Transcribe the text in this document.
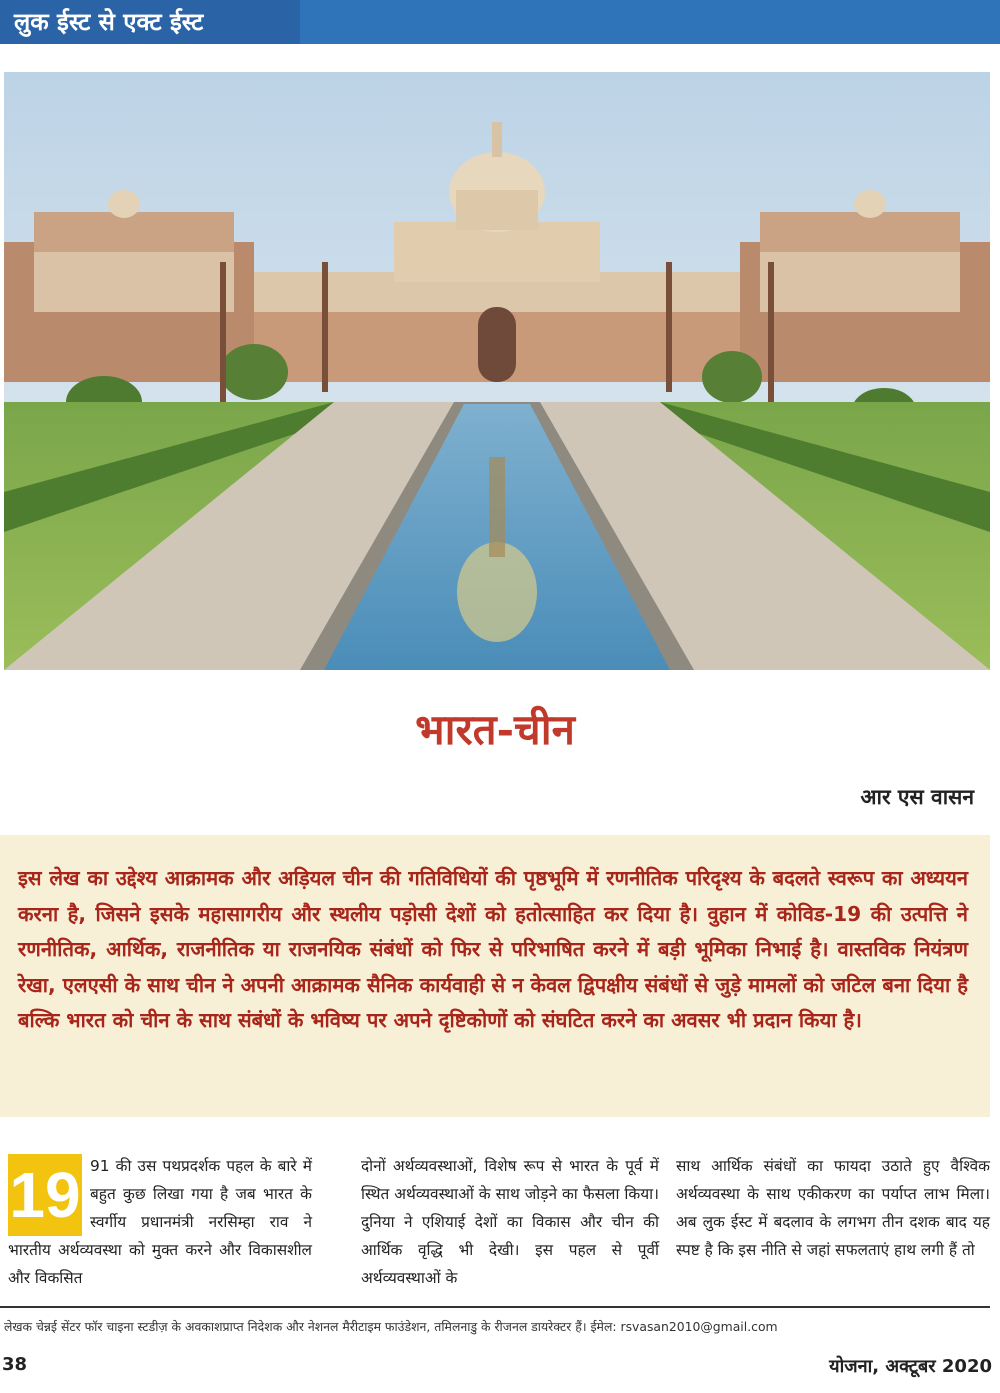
लुक ईस्ट से एक्ट ईस्ट
भारत-चीन
आर एस वासन

इस लेख का उद्देश्य आक्रामक और अड़ियल चीन की गतिविधियों की पृष्ठभूमि में रणनीतिक परिदृश्य के बदलते स्वरूप का अध्ययन करना है, जिसने इसके महासागरीय और स्थलीय पड़ोसी देशों को हतोत्साहित कर दिया है। वुहान में कोविड-19 की उत्पत्ति ने रणनीतिक, आर्थिक, राजनीतिक या राजनयिक संबंधों को फिर से परिभाषित करने में बड़ी भूमिका निभाई है। वास्तविक नियंत्रण रेखा, एलएसी के साथ चीन ने अपनी आक्रामक सैनिक कार्यवाही से न केवल द्विपक्षीय संबंधों से जुड़े मामलों को जटिल बना दिया है बल्कि भारत को चीन के साथ संबंधों के भविष्य पर अपने दृष्टिकोणों को संघटित करने का अवसर भी प्रदान किया है।

19 91 की उस पथप्रदर्शक पहल के बारे में बहुत कुछ लिखा गया है जब भारत के स्वर्गीय प्रधानमंत्री नरसिम्हा राव ने भारतीय अर्थव्यवस्था को मुक्त करने और विकासशील और विकसित

दोनों अर्थव्यवस्थाओं, विशेष रूप से भारत के पूर्व में स्थित अर्थव्यवस्थाओं के साथ जोड़ने का फैसला किया। दुनिया ने एशियाई देशों का विकास और चीन की आर्थिक वृद्धि भी देखी। इस पहल से पूर्वी अर्थव्यवस्थाओं के

साथ आर्थिक संबंधों का फायदा उठाते हुए वैश्विक अर्थव्यवस्था के साथ एकीकरण का पर्याप्त लाभ मिला। अब लुक ईस्ट में बदलाव के लगभग तीन दशक बाद यह स्पष्ट है कि इस नीति से जहां सफलताएं हाथ लगी हैं तो

लेखक चेन्नई सेंटर फॉर चाइना स्टडीज़ के अवकाशप्राप्त निदेशक और नेशनल मैरीटाइम फाउंडेशन, तमिलनाडु के रीजनल डायरेक्टर हैं। ईमेल: rsvasan2010@gmail.com
38	योजना, अक्टूबर 2020
